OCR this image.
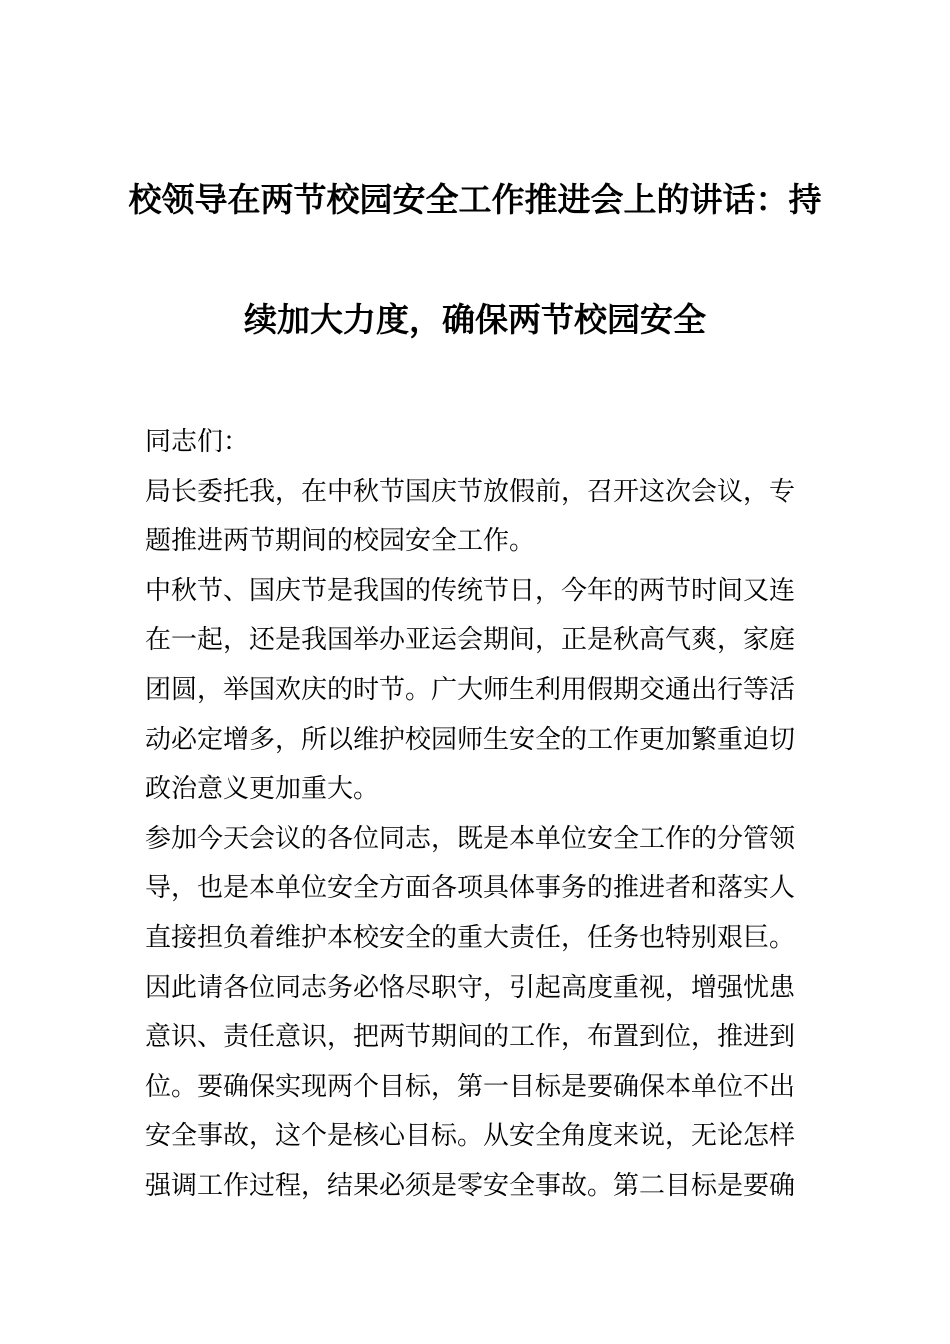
校领导在两节校园安全工作推进会上的讲话：持续加大力度，确保两节校园安全

同志们：

局长委托我，在中秋节国庆节放假前，召开这次会议，专题推进两节期间的校园安全工作。

中秋节、国庆节是我国的传统节日，今年的两节时间又连在一起，还是我国举办亚运会期间，正是秋高气爽，家庭团圆，举国欢庆的时节。广大师生利用假期交通出行等活动必定增多，所以维护校园师生安全的工作更加繁重迫切政治意义更加重大。

参加今天会议的各位同志，既是本单位安全工作的分管领导，也是本单位安全方面各项具体事务的推进者和落实人直接担负着维护本校安全的重大责任，任务也特别艰巨。因此请各位同志务必恪尽职守，引起高度重视，增强忧患意识、责任意识，把两节期间的工作，布置到位，推进到位。要确保实现两个目标，第一目标是要确保本单位不出安全事故，这个是核心目标。从安全角度来说，无论怎样强调工作过程，结果必须是零安全事故。第二目标是要确
